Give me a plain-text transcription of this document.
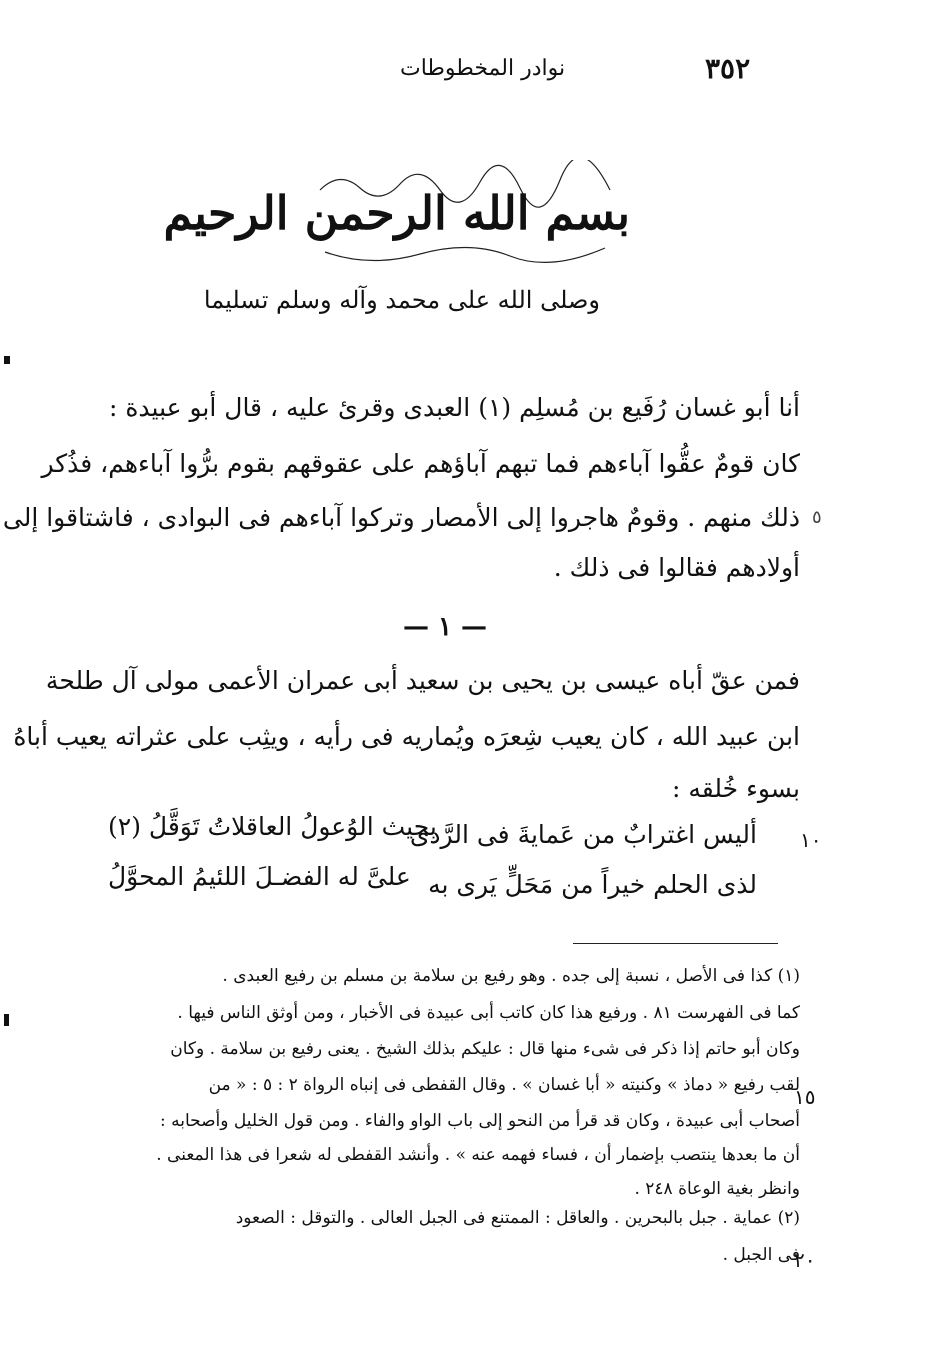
٣٥٢
نوادر المخطوطات
بسم الله الرحمن الرحيم
وصلى الله على محمد وآله وسلم تسليما
أنا أبو غسان رُفَيع بن مُسلِم (١) العبدى وقرئ عليه ، قال أبو عبيدة :
كان قومٌ عقُّوا آباءهم فما تبهم آباؤهم على عقوقهم بقوم برُّوا آباءهم، فذُكر
ذلك منهم . وقومٌ هاجروا إلى الأمصار وتركوا آباءهم فى البوادى ، فاشتاقوا إلى
أولادهم فقالوا فى ذلك .
٥
— ١ —
فمن عقّ أباه عيسى بن يحيى بن سعيد أبى عمران الأعمى مولى آل طلحة
ابن عبيد الله ، كان يعيب شِعرَه ويُماريه فى رأيه ، ويثِب على عثراته يعيب أباهُ
بسوء خُلقه :
١٠
أليس اغترابٌ من عَمايةَ فى الرَّدى
بحيث الوُعولُ العاقلاتُ تَوَقَّلُ (٢)
لذى الحلم خيراً من مَحَلٍّ يَرى به
علىَّ له الفضـلَ اللئيمُ المحوَّلُ
(١) كذا فى الأصل ، نسبة إلى جده . وهو رفيع بن سلامة بن مسلم بن رفيع العبدى .
كما فى الفهرست ٨١ . ورفيع هذا كان كاتب أبى عبيدة فى الأخبار ، ومن أوثق الناس فيها .
وكان أبو حاتم إذا ذكر فى شىء منها قال : عليكم بذلك الشيخ . يعنى رفيع بن سلامة . وكان
لقب رفيع « دماذ » وكنيته « أبا غسان » . وقال القفطى فى إنباه الرواة ٢ : ٥ : « من
أصحاب أبى عبيدة ، وكان قد قرأ من النحو إلى باب الواو والفاء . ومن قول الخليل وأصحابه :
أن ما بعدها ينتصب بإضمار أن ، فساء فهمه عنه » . وأنشد القفطى له شعرا فى هذا المعنى .
وانظر بغية الوعاة ٢٤٨ .
(٢) عماية . جبل بالبحرين . والعاقل : الممتنع فى الجبل العالى . والتوقل : الصعود
فى الجبل .
١٥
٢٠
